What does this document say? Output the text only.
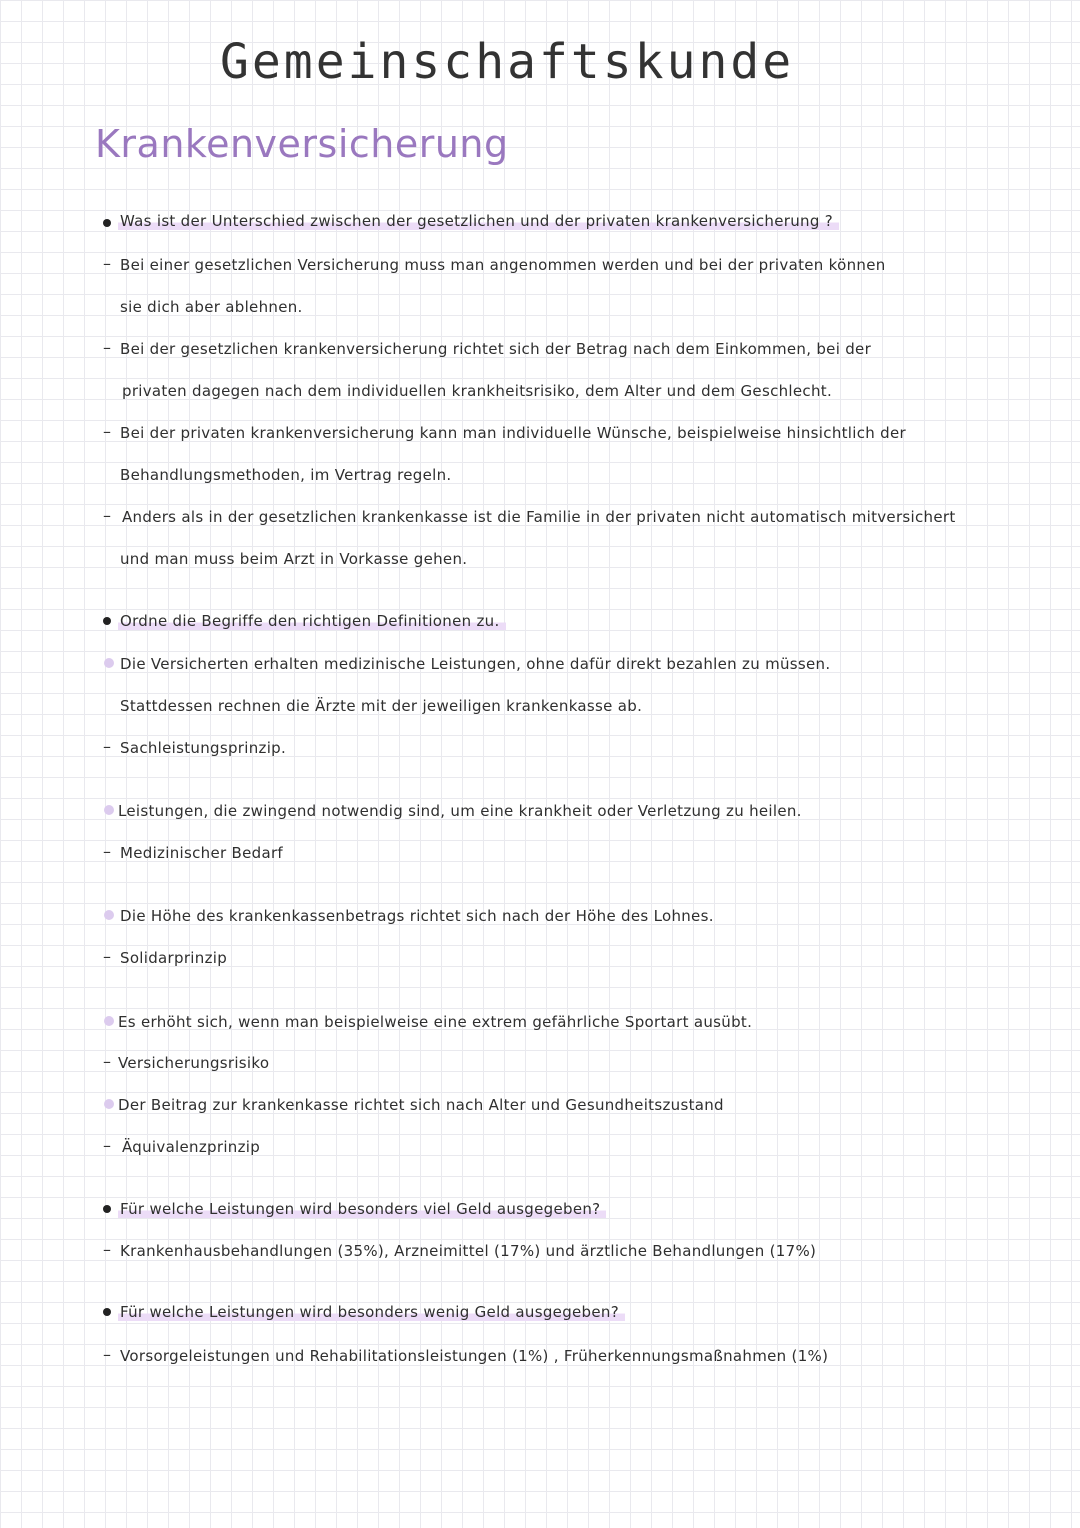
Gemeinschaftskunde
Krankenversicherung
Was ist der Unterschied zwischen der gesetzlichen und der privaten krankenversicherung ?
– Bei einer gesetzlichen Versicherung muss man angenommen werden und bei der privaten können
sie dich aber ablehnen.
– Bei der gesetzlichen krankenversicherung richtet sich der Betrag nach dem Einkommen, bei der
privaten dagegen nach dem individuellen krankheitsrisiko, dem Alter und dem Geschlecht.
– Bei der privaten krankenversicherung kann man individuelle Wünsche, beispielweise hinsichtlich der
Behandlungsmethoden, im Vertrag regeln.
– Anders als in der gesetzlichen krankenkasse ist die Familie in der privaten nicht automatisch mitversichert
und man muss beim Arzt in Vorkasse gehen.
Ordne die Begriffe den richtigen Definitionen zu.
Die Versicherten erhalten medizinische Leistungen, ohne dafür direkt bezahlen zu müssen.
Stattdessen rechnen die Ärzte mit der jeweiligen krankenkasse ab.
– Sachleistungsprinzip.
Leistungen, die zwingend notwendig sind, um eine krankheit oder Verletzung zu heilen.
– Medizinischer Bedarf
Die Höhe des krankenkassenbetrags richtet sich nach der Höhe des Lohnes.
– Solidarprinzip
Es erhöht sich, wenn man beispielweise eine extrem gefährliche Sportart ausübt.
– Versicherungsrisiko
Der Beitrag zur krankenkasse richtet sich nach Alter und Gesundheitszustand
– Äquivalenzprinzip
Für welche Leistungen wird besonders viel Geld ausgegeben?
– Krankenhausbehandlungen (35%), Arzneimittel (17%) und ärztliche Behandlungen (17%)
Für welche Leistungen wird besonders wenig Geld ausgegeben?
– Vorsorgeleistungen und Rehabilitationsleistungen (1%) , Früherkennungsmaßnahmen (1%)
